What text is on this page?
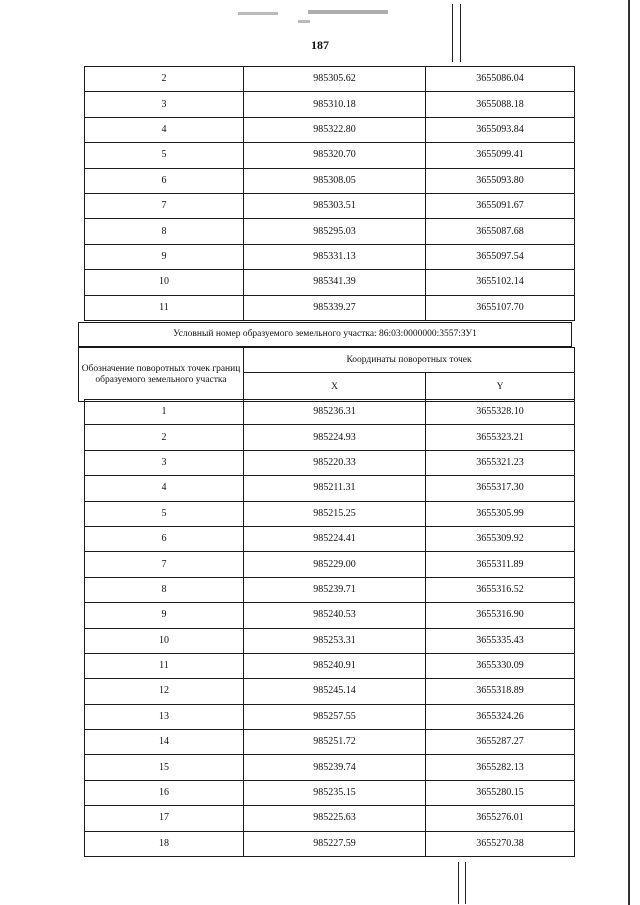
187
2	985305.62	3655086.04
3	985310.18	3655088.18
4	985322.80	3655093.84
5	985320.70	3655099.41
6	985308.05	3655093.80
7	985303.51	3655091.67
8	985295.03	3655087.68
9	985331.13	3655097.54
10	985341.39	3655102.14
11	985339.27	3655107.70
Условный номер образуемого земельного участка: 86:03:0000000:3557:ЗУ1
Обозначение поворотных точек границ образуемого земельного участка	Координаты поворотных точек	
	X	Y
1	985236.31	3655328.10
2	985224.93	3655323.21
3	985220.33	3655321.23
4	985211.31	3655317.30
5	985215.25	3655305.99
6	985224.41	3655309.92
7	985229.00	3655311.89
8	985239.71	3655316.52
9	985240.53	3655316.90
10	985253.31	3655335.43
11	985240.91	3655330.09
12	985245.14	3655318.89
13	985257.55	3655324.26
14	985251.72	3655287.27
15	985239.74	3655282.13
16	985235.15	3655280.15
17	985225.63	3655276.01
18	985227.59	3655270.38
